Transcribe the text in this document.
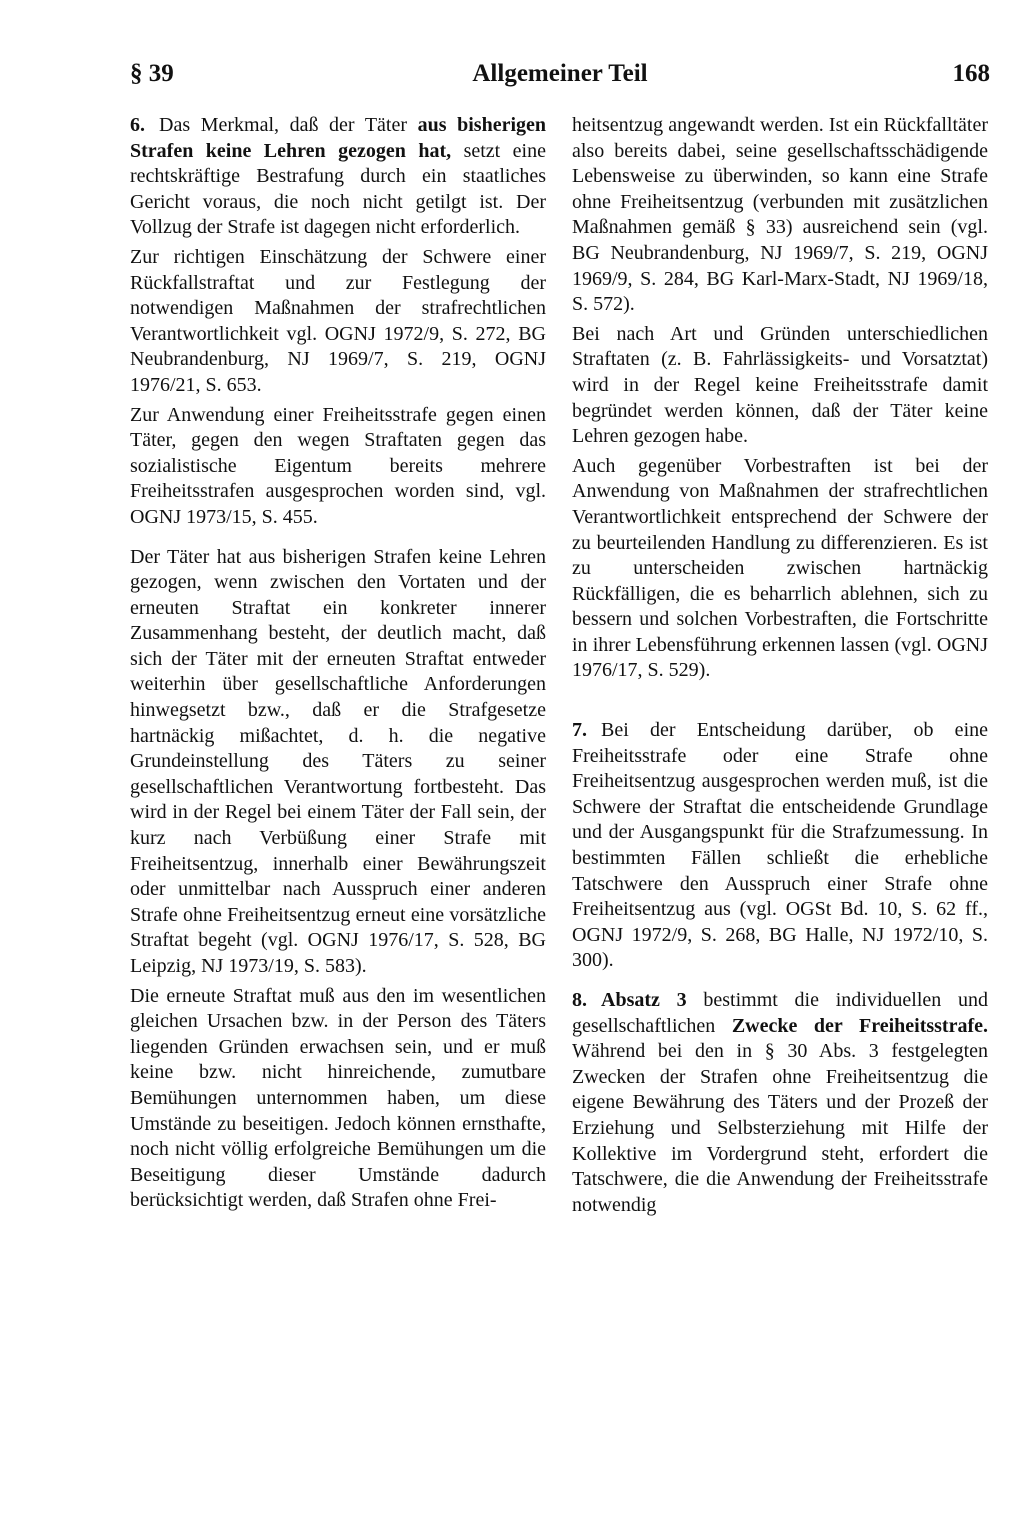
Allgemeiner Teil
§ 39	168

6. Das Merkmal, daß der Täter aus bisherigen Strafen keine Lehren gezogen hat, setzt eine rechtskräftige Bestrafung durch ein staatliches Gericht voraus, die noch nicht getilgt ist. Der Vollzug der Strafe ist dagegen nicht erforderlich.

Zur richtigen Einschätzung der Schwere einer Rückfallstraftat und zur Festlegung der notwendigen Maßnahmen der strafrechtlichen Verantwortlichkeit vgl. OGNJ 1972/9, S. 272, BG Neubrandenburg, NJ 1969/7, S. 219, OGNJ 1976/21, S. 653.

Zur Anwendung einer Freiheitsstrafe gegen einen Täter, gegen den wegen Straftaten gegen das sozialistische Eigentum bereits mehrere Freiheitsstrafen ausgesprochen worden sind, vgl. OGNJ 1973/15, S. 455.

Der Täter hat aus bisherigen Strafen keine Lehren gezogen, wenn zwischen den Vortaten und der erneuten Straftat ein konkreter innerer Zusammenhang besteht, der deutlich macht, daß sich der Täter mit der erneuten Straftat entweder weiterhin über gesellschaftliche Anforderungen hinwegsetzt bzw., daß er die Strafgesetze hartnäckig mißachtet, d. h. die negative Grundeinstellung des Täters zu seiner gesellschaftlichen Verantwortung fortbesteht. Das wird in der Regel bei einem Täter der Fall sein, der kurz nach Verbüßung einer Strafe mit Freiheitsentzug, innerhalb einer Bewährungszeit oder unmittelbar nach Ausspruch einer anderen Strafe ohne Freiheitsentzug erneut eine vorsätzliche Straftat begeht (vgl. OGNJ 1976/17, S. 528, BG Leipzig, NJ 1973/19, S. 583).

Die erneute Straftat muß aus den im wesentlichen gleichen Ursachen bzw. in der Person des Täters liegenden Gründen erwachsen sein, und er muß keine bzw. nicht hinreichende, zumutbare Bemühungen unternommen haben, um diese Umstände zu beseitigen. Jedoch können ernsthafte, noch nicht völlig erfolgreiche Bemühungen um die Beseitigung dieser Umstände dadurch berücksichtigt werden, daß Strafen ohne Frei-

heitsentzug angewandt werden. Ist ein Rückfalltäter also bereits dabei, seine gesellschaftsschädigende Lebensweise zu überwinden, so kann eine Strafe ohne Freiheitsentzug (verbunden mit zusätzlichen Maßnahmen gemäß § 33) ausreichend sein (vgl. BG Neubrandenburg, NJ 1969/7, S. 219, OGNJ 1969/9, S. 284, BG Karl-Marx-Stadt, NJ 1969/18, S. 572).

Bei nach Art und Gründen unterschiedlichen Straftaten (z. B. Fahrlässigkeits- und Vorsatztat) wird in der Regel keine Freiheitsstrafe damit begründet werden können, daß der Täter keine Lehren gezogen habe.

Auch gegenüber Vorbestraften ist bei der Anwendung von Maßnahmen der strafrechtlichen Verantwortlichkeit entsprechend der Schwere der zu beurteilenden Handlung zu differenzieren. Es ist zu unterscheiden zwischen hartnäckig Rückfälligen, die es beharrlich ablehnen, sich zu bessern und solchen Vorbestraften, die Fortschritte in ihrer Lebensführung erkennen lassen (vgl. OGNJ 1976/17, S. 529).

7. Bei der Entscheidung darüber, ob eine Freiheitsstrafe oder eine Strafe ohne Freiheitsentzug ausgesprochen werden muß, ist die Schwere der Straftat die entscheidende Grundlage und der Ausgangspunkt für die Strafzumessung. In bestimmten Fällen schließt die erhebliche Tatschwere den Ausspruch einer Strafe ohne Freiheitsentzug aus (vgl. OGSt Bd. 10, S. 62 ff., OGNJ 1972/9, S. 268, BG Halle, NJ 1972/10, S. 300).

8. Absatz 3 bestimmt die individuellen und gesellschaftlichen Zwecke der Freiheitsstrafe. Während bei den in § 30 Abs. 3 festgelegten Zwecken der Strafen ohne Freiheitsentzug die eigene Bewährung des Täters und der Prozeß der Erziehung und Selbsterziehung mit Hilfe der Kollektive im Vordergrund steht, erfordert die Tatschwere, die die Anwendung der Freiheitsstrafe notwendig
